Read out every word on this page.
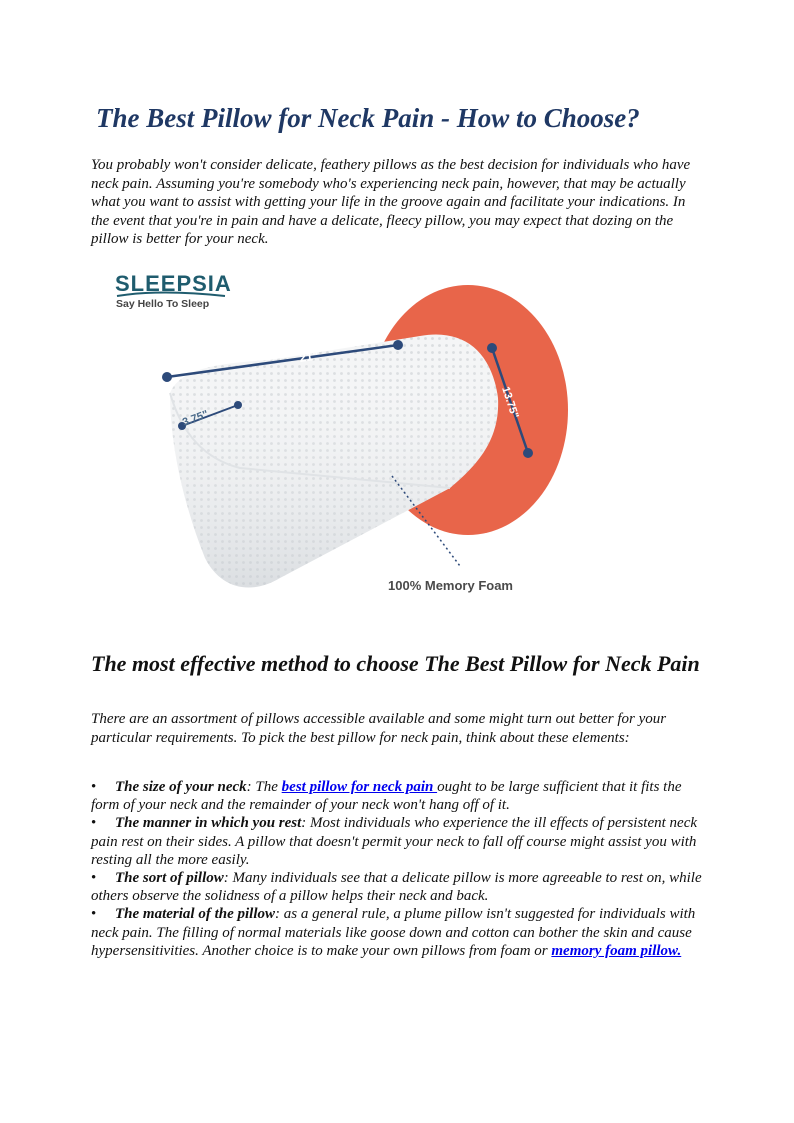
The Best Pillow for Neck Pain - How to Choose?

You probably won't consider delicate, feathery pillows as the best decision for individuals who have neck pain. Assuming you're somebody who's experiencing neck pain, however, that may be actually what you want to assist with getting your life in the groove again and facilitate your indications. In the event that you're in pain and have a delicate, fleecy pillow, you may expect that dozing on the pillow is better for your neck.

SLEEPSIA
Say Hello To Sleep
21"
13.75"
3.75"
100% Memory Foam
The most effective method to choose The Best Pillow for Neck Pain

There are an assortment of pillows accessible available and some might turn out better for your particular requirements. To pick the best pillow for neck pain, think about these elements:

• The size of your neck: The best pillow for neck pain ought to be large sufficient that it fits the form of your neck and the remainder of your neck won't hang off of it.

• The manner in which you rest: Most individuals who experience the ill effects of persistent neck pain rest on their sides. A pillow that doesn't permit your neck to fall off course might assist you with resting all the more easily.

• The sort of pillow: Many individuals see that a delicate pillow is more agreeable to rest on, while others observe the solidness of a pillow helps their neck and back.

• The material of the pillow: as a general rule, a plume pillow isn't suggested for individuals with neck pain. The filling of normal materials like goose down and cotton can bother the skin and cause hypersensitivities. Another choice is to make your own pillows from foam or memory foam pillow.
